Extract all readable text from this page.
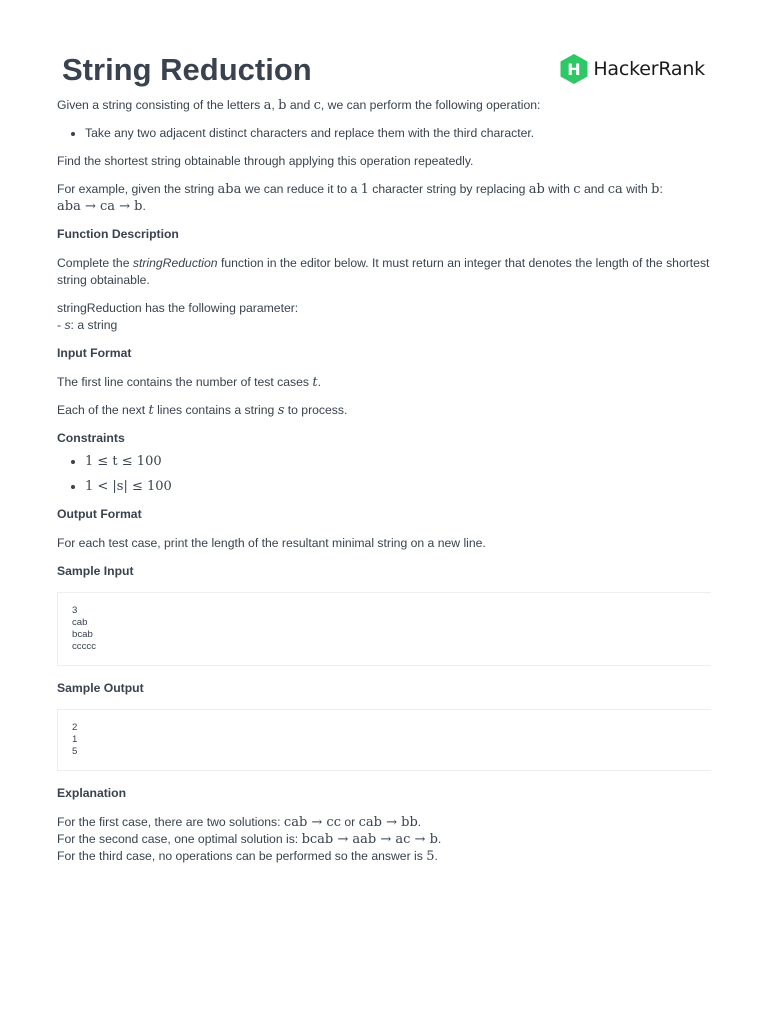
String Reduction	H HackerRank

Given a string consisting of the letters a, b and c, we can perform the following operation:

• Take any two adjacent distinct characters and replace them with the third character.

Find the shortest string obtainable through applying this operation repeatedly.

For example, given the string aba we can reduce it to a 1 character string by replacing ab with c and ca with b:
aba → ca → b.

Function Description

Complete the stringReduction function in the editor below. It must return an integer that denotes the length of the shortest string obtainable.

stringReduction has the following parameter:
- s: a string

Input Format

The first line contains the number of test cases t.

Each of the next t lines contains a string s to process.

Constraints
• 1 ≤ t ≤ 100
• 1 < |s| ≤ 100
Output Format

For each test case, print the length of the resultant minimal string on a new line.

Sample Input
3
cab
bcab
ccccc
Sample Output
2
1
5
Explanation

For the first case, there are two solutions: cab → cc or cab → bb.
For the second case, one optimal solution is: bcab → aab → ac → b.
For the third case, no operations can be performed so the answer is 5.
